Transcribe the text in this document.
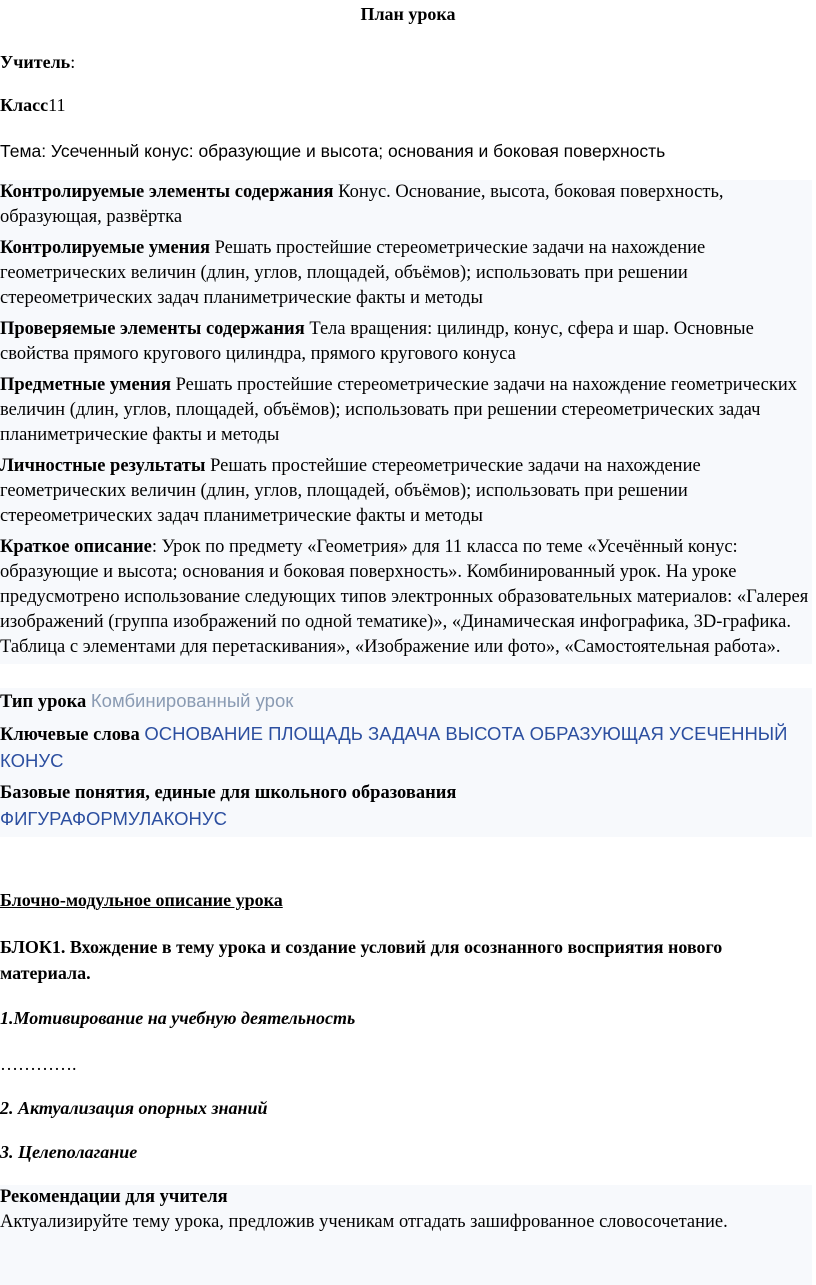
План урока
Учитель:
Класс11
Тема: Усеченный конус: образующие и высота; основания и боковая поверхность

Контролируемые элементы содержания Конус. Основание, высота, боковая поверхность, образующая, развёртка

Контролируемые умения Решать простейшие стереометрические задачи на нахождение геометрических величин (длин, углов, площадей, объёмов); использовать при решении стереометрических задач планиметрические факты и методы

Проверяемые элементы содержания Тела вращения: цилиндр, конус, сфера и шар. Основные свойства прямого кругового цилиндра, прямого кругового конуса

Предметные умения Решать простейшие стереометрические задачи на нахождение геометрических величин (длин, углов, площадей, объёмов); использовать при решении стереометрических задач планиметрические факты и методы

Личностные результаты Решать простейшие стереометрические задачи на нахождение геометрических величин (длин, углов, площадей, объёмов); использовать при решении стереометрических задач планиметрические факты и методы

Краткое описание: Урок по предмету «Геометрия» для 11 класса по теме «Усечённый конус: образующие и высота; основания и боковая поверхность». Комбинированный урок. На уроке предусмотрено использование следующих типов электронных образовательных материалов: «Галерея изображений (группа изображений по одной тематике)», «Динамическая инфографика, 3D-графика. Таблица с элементами для перетаскивания», «Изображение или фото», «Самостоятельная работа».

Тип урока Комбинированный урок

Ключевые слова ОСНОВАНИЕ ПЛОЩАДЬ ЗАДАЧА ВЫСОТА ОБРАЗУЮЩАЯ УСЕЧЕННЫЙ КОНУС

Базовые понятия, единые для школьного образования
ФИГУРАФОРМУЛАКОНУС

Блочно-модульное описание урока
БЛОК1. Вхождение в тему урока и создание условий для осознанного восприятия нового материала.
1.Мотивирование на учебную деятельность
………….
2. Актуализация опорных знаний
3. Целеполагание

Рекомендации для учителя

Актуализируйте тему урока, предложив ученикам отгадать зашифрованное словосочетание.
